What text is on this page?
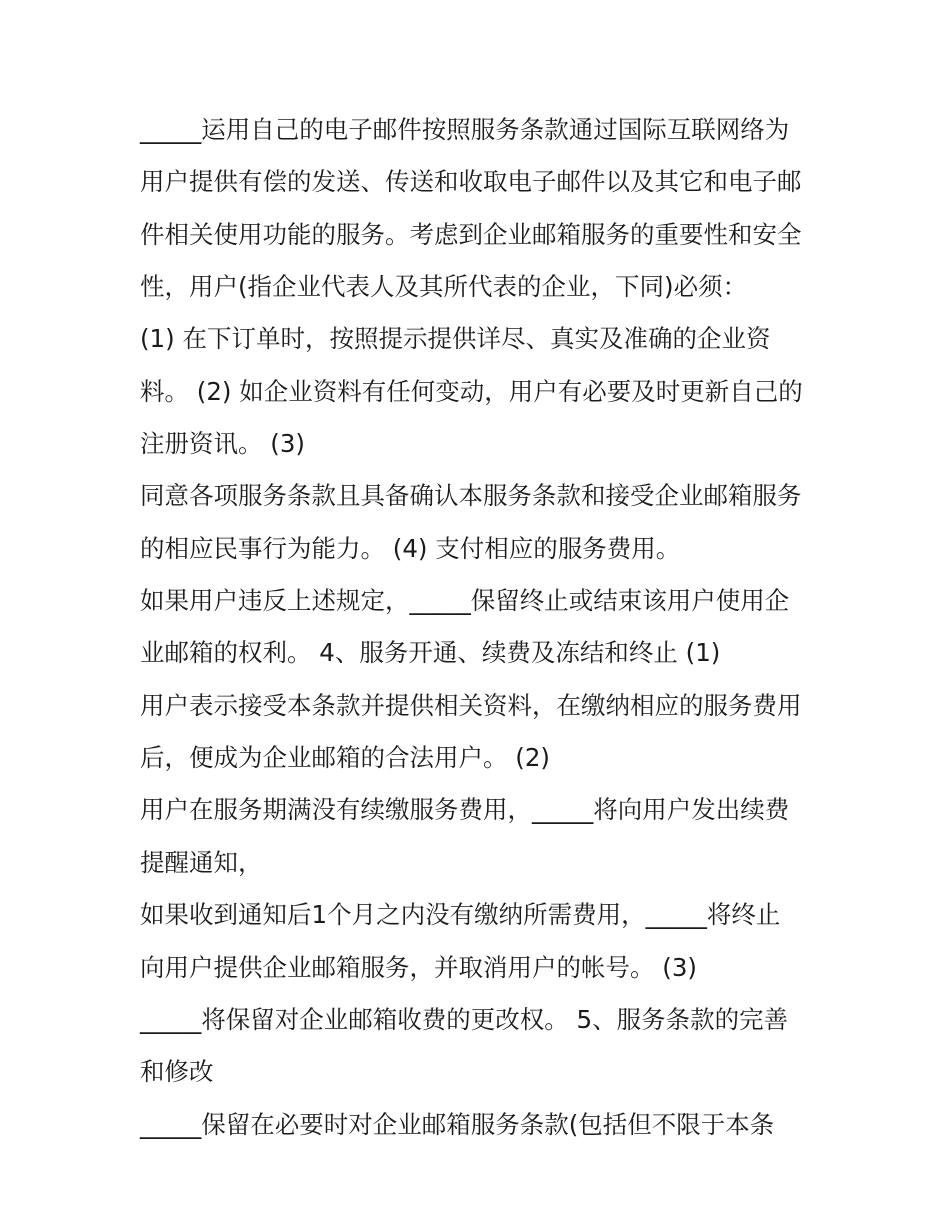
_____运用自己的电子邮件按照服务条款通过国际互联网络为
用户提供有偿的发送、传送和收取电子邮件以及其它和电子邮
件相关使用功能的服务。考虑到企业邮箱服务的重要性和安全
性，用户(指企业代表人及其所代表的企业，下同)必须：
(1) 在下订单时，按照提示提供详尽、真实及准确的企业资
料。 (2) 如企业资料有任何变动，用户有必要及时更新自己的
注册资讯。 (3)
同意各项服务条款且具备确认本服务条款和接受企业邮箱服务
的相应民事行为能力。 (4) 支付相应的服务费用。
如果用户违反上述规定，_____保留终止或结束该用户使用企
业邮箱的权利。 4、服务开通、续费及冻结和终止 (1)
用户表示接受本条款并提供相关资料，在缴纳相应的服务费用
后，便成为企业邮箱的合法用户。 (2)
用户在服务期满没有续缴服务费用，_____将向用户发出续费
提醒通知，
如果收到通知后1个月之内没有缴纳所需费用，_____将终止
向用户提供企业邮箱服务，并取消用户的帐号。 (3)
_____将保留对企业邮箱收费的更改权。 5、服务条款的完善
和修改
_____保留在必要时对企业邮箱服务条款(包括但不限于本条
